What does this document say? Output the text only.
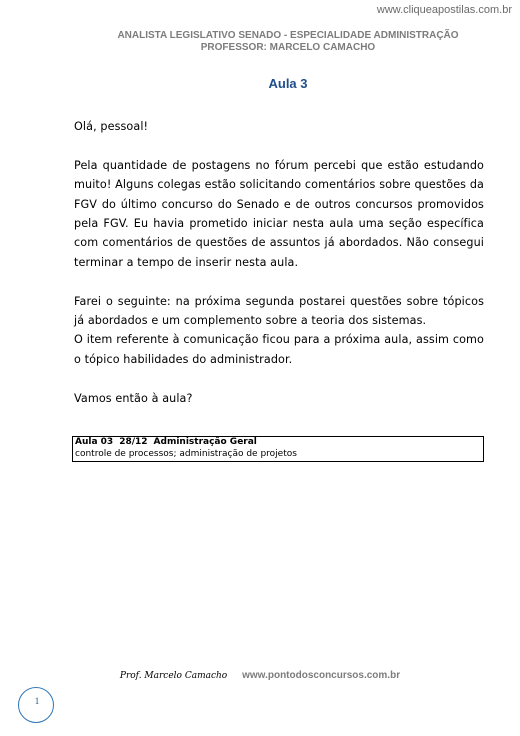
www.cliqueapostilas.com.br
ANALISTA LEGISLATIVO SENADO - ESPECIALIDADE ADMINISTRAÇÃO
PROFESSOR: MARCELO CAMACHO
Aula 3

Olá, pessoal!

Pela quantidade de postagens no fórum percebi que estão estudando muito! Alguns colegas estão solicitando comentários sobre questões da FGV do último concurso do Senado e de outros concursos promovidos pela FGV. Eu havia prometido iniciar nesta aula uma seção específica com comentários de questões de assuntos já abordados. Não consegui terminar a tempo de inserir nesta aula.

Farei o seguinte: na próxima segunda postarei questões sobre tópicos já abordados e um complemento sobre a teoria dos sistemas.
O item referente à comunicação ficou para a próxima aula, assim como o tópico habilidades do administrador.

Vamos então à aula?

Aula 03 28/12 Administração Geral
controle de processos; administração de projetos
Prof. Marcelo Camacho www.pontodosconcursos.com.br
1
